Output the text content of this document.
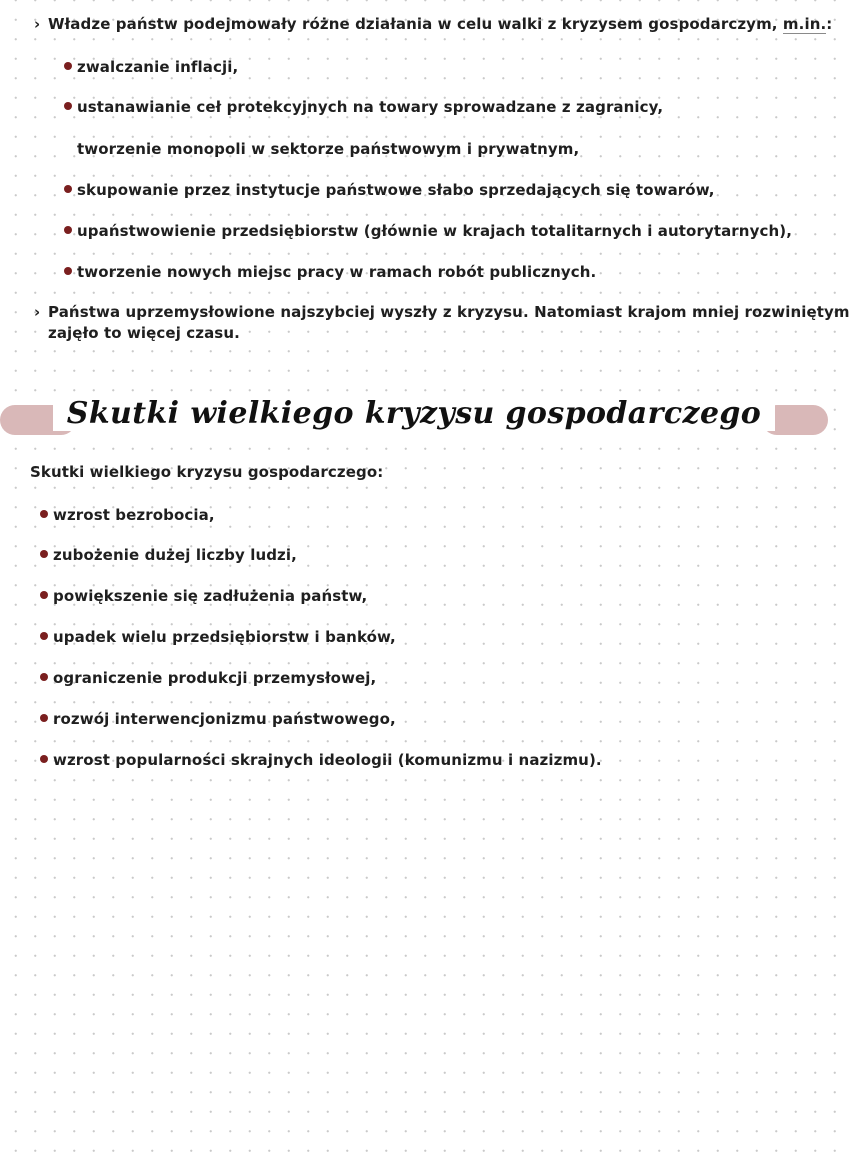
› Władze państw podejmowały różne działania w celu walki z kryzysem gospodarczym, m.in.:
zwalczanie inflacji,
ustanawianie ceł protekcyjnych na towary sprowadzane z zagranicy,
tworzenie monopoli w sektorze państwowym i prywatnym,
skupowanie przez instytucje państwowe słabo sprzedających się towarów,
upaństwowienie przedsiębiorstw (głównie w krajach totalitarnych i autorytarnych),
tworzenie nowych miejsc pracy w ramach robót publicznych.
› Państwa uprzemysłowione najszybciej wyszły z kryzysu. Natomiast krajom mniej rozwiniętym
zajęło to więcej czasu.
Skutki wielkiego kryzysu gospodarczego
Skutki wielkiego kryzysu gospodarczego:
wzrost bezrobocia,
zubożenie dużej liczby ludzi,
powiększenie się zadłużenia państw,
upadek wielu przedsiębiorstw i banków,
ograniczenie produkcji przemysłowej,
rozwój interwencjonizmu państwowego,
wzrost popularności skrajnych ideologii (komunizmu i nazizmu).
